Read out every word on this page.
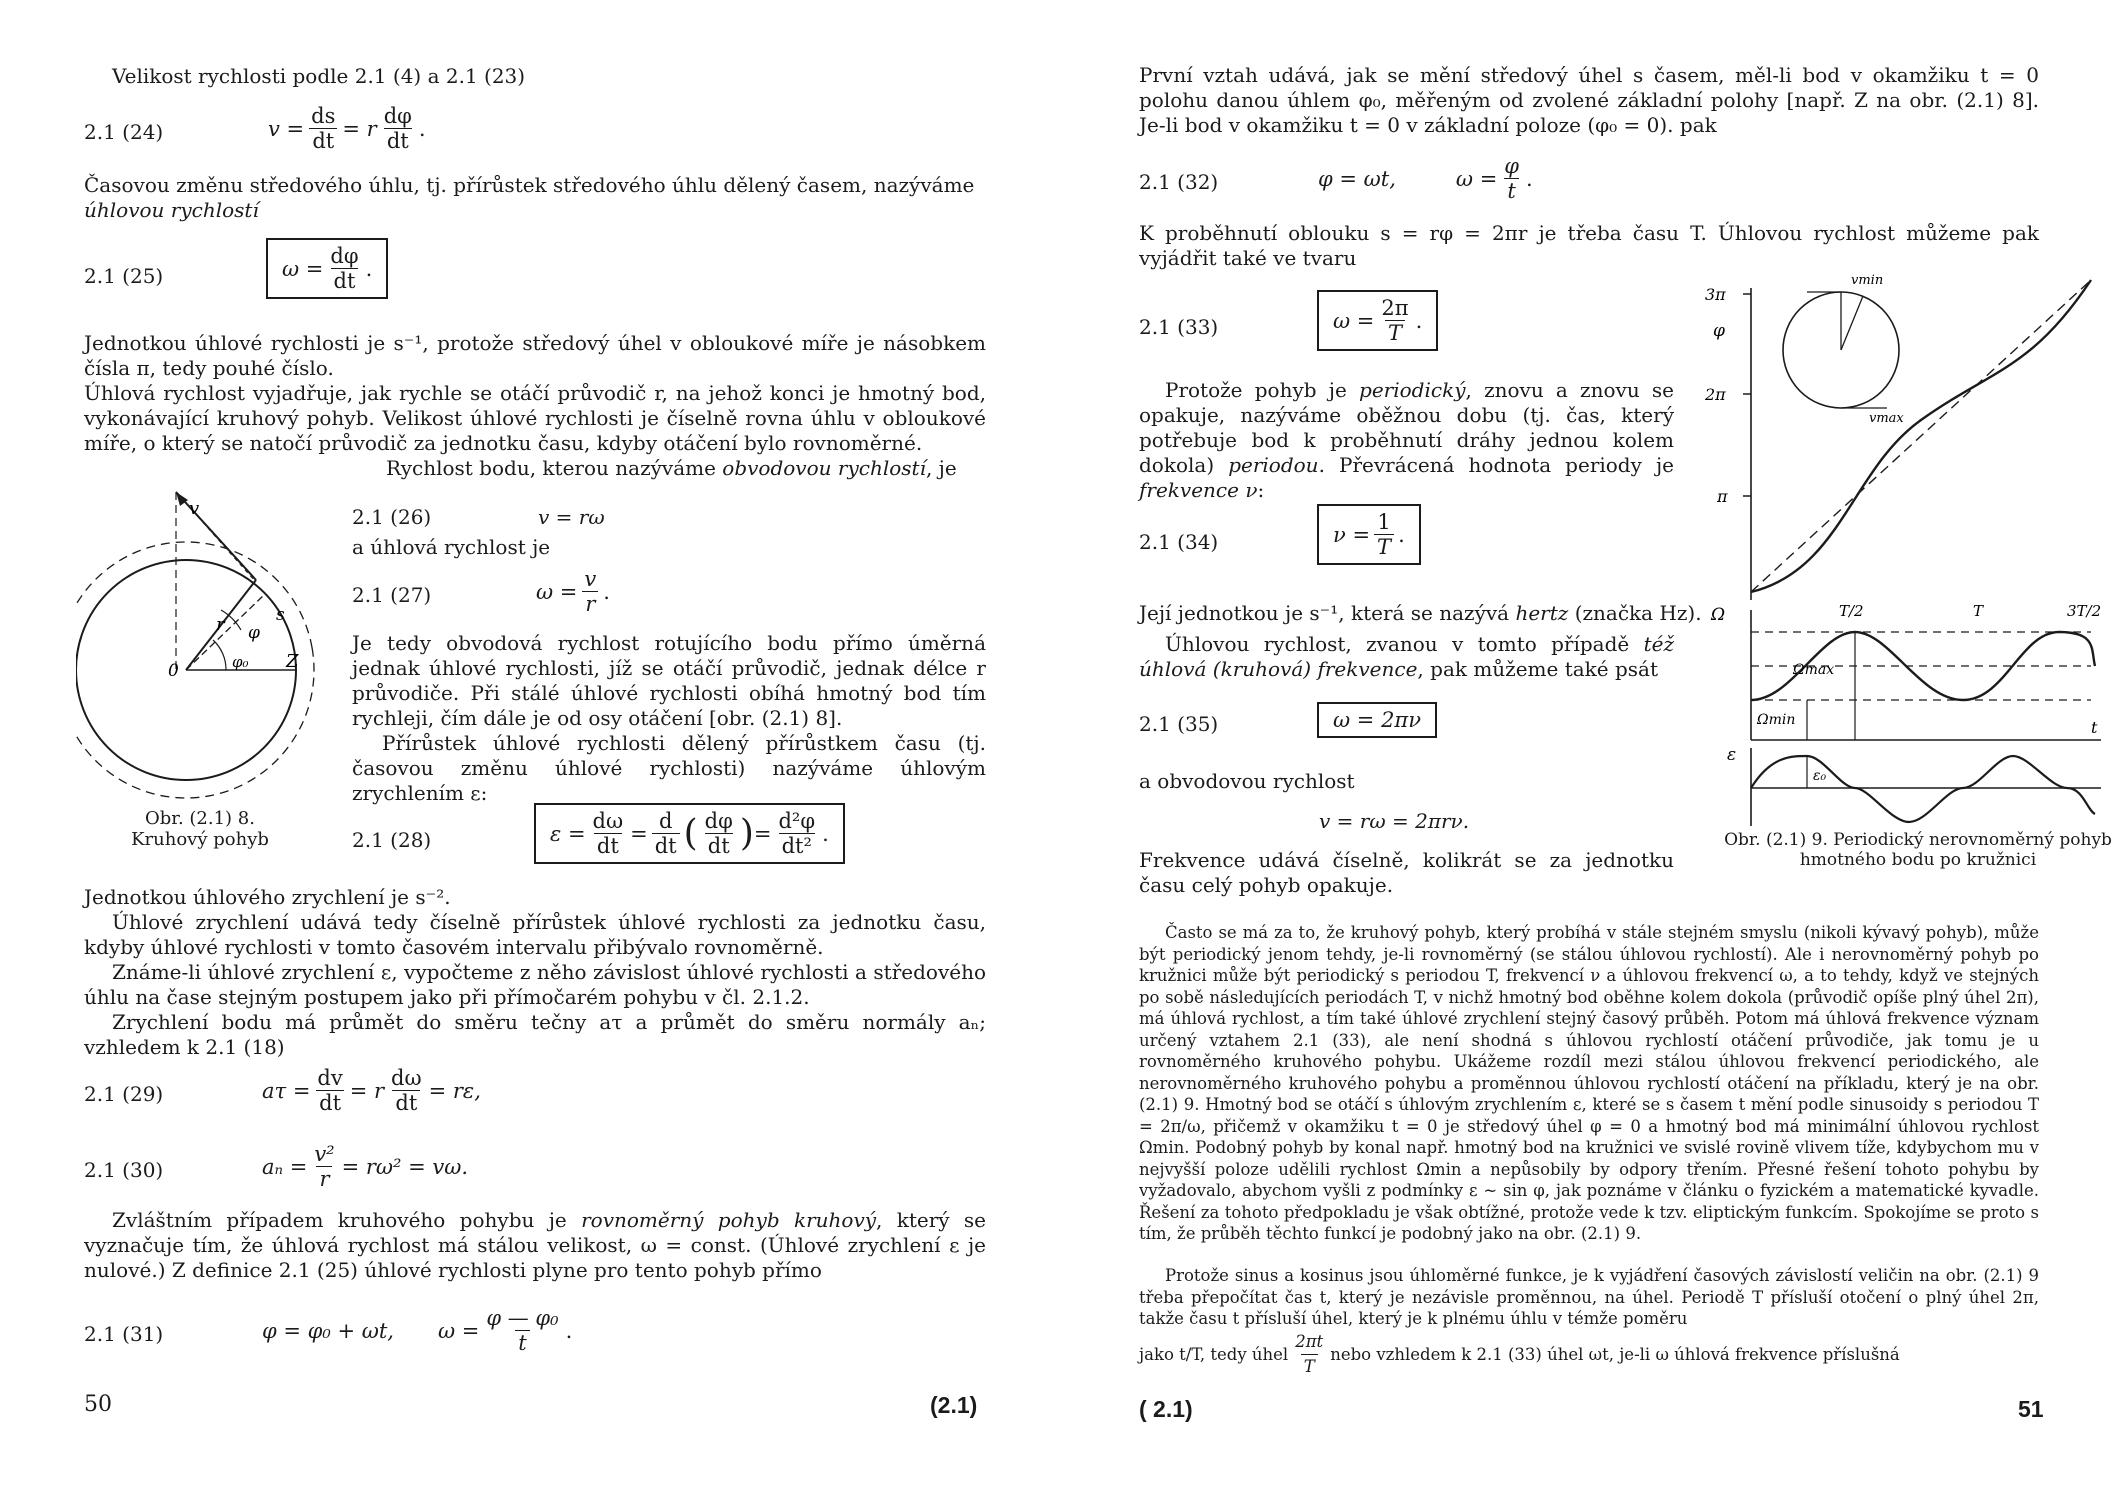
Velikost rychlosti podle 2.1 (4) a 2.1 (23)
2.1 (24)	$v = \frac{ds}{dt} = r \frac{d\varphi}{dt}$ .
Časovou změnu středového úhlu, tj. přírůstek středového úhlu dělený časem, nazýváme
úhlovou rychlostí
2.1 (25)	$\omega = \frac{d\varphi}{dt}$ .
Jednotkou úhlové rychlosti je s⁻¹, protože středový úhel v obloukové míře je násobkem čísla π, tedy pouhé číslo.
Úhlová rychlost vyjadřuje, jak rychle se otáčí průvodič r, na jehož konci je hmotný bod, vykonávající kruhový pohyb. Velikost úhlové rychlosti je číselně rovna úhlu v obloukové míře, o který se natočí průvodič za jednotku času, kdyby otáčení bylo rovnoměrné.
Rychlost bodu, kterou nazýváme obvodovou rychlostí, je
2.1 (26)	v = rω
a úhlová rychlost je
2.1 (27)	$\omega = \frac{v}{r}$ .
Je tedy obvodová rychlost rotujícího bodu přímo úměrná jednak úhlové rychlosti, jíž se otáčí průvodič, jednak délce r průvodiče. Při stálé úhlové rychlosti obíhá hmotný bod tím rychleji, čím dále je od osy otáčení [obr. (2.1) 8].
Přírůstek úhlové rychlosti dělený přírůstkem času (tj. časovou změnu úhlové rychlosti) nazýváme úhlovým zrychlením ε:
v
r φ
s
φ₀ Z
0
Obr. (2.1) 8.
Kruhový pohyb	2.1 (28)	$\varepsilon = \frac{d\omega}{dt} = \frac{d}{dt}$ ( $\frac{d\varphi}{dt}$ ) = $\frac{\text{d²φ}}{\text{dt²}}$ .
Jednotkou úhlového zrychlení je s⁻².
Úhlové zrychlení udává tedy číselně přírůstek úhlové rychlosti za jednotku času, kdyby úhlové rychlosti v tomto časovém intervalu přibývalo rovnoměrně.
Známe-li úhlové zrychlení ε, vypočteme z něho závislost úhlové rychlosti a středového úhlu na čase stejným postupem jako při přímočarém pohybu v čl. 2.1.2.
Zrychlení bodu má průmět do směru tečny aτ a průmět do směru normály aₙ; vzhledem k 2.1 (18)
2.1 (29)	$a\tau = \frac{dv}{dt} = r \frac{d\omega}{dt} = r\varepsilon$,
2.1 (30)	$a_n = \frac{\text{v²}}{r} = r\omega^2 = v\omega$.
Zvláštním případem kruhového pohybu je rovnoměrný pohyb kruhový, který se vyznačuje tím, že úhlová rychlost má stálou velikost, ω = const. (Úhlové zrychlení ε je nulové.) Z definice 2.1 (25) úhlové rychlosti plyne pro tento pohyb přímo
2.1 (31)	φ = φ₀ + ωt, $\omega = \frac{\text{φ — φ₀}}{t}$ .
50	(2.1)
První vztah udává, jak se mění středový úhel s časem, měl-li bod v okamžiku t = 0 polohu danou úhlem φ₀, měřeným od zvolené základní polohy [např. Z na obr. (2.1) 8]. Je-li bod v okamžiku t = 0 v základní poloze (φ₀ = 0). pak
2.1 (32)	φ = ωt,	$\omega = \frac{\varphi}{t}$ .
K proběhnutí oblouku s = rφ = 2πr je třeba času T. Úhlovou rychlost můžeme pak vyjádřit také ve tvaru
2.1 (33)	$\omega = \frac{2\pi}{T}$ .
Protože pohyb je periodický, znovu a znovu se opakuje, nazýváme oběžnou dobu (tj. čas, který potřebuje bod k proběhnutí dráhy jednou kolem dokola) periodou. Převrácená hodnota periody je frekvence ν:
2.1 (34)	$\nu = \frac{1}{T}$ .
Její jednotkou je s⁻¹, která se nazývá hertz (značka Hz).
Úhlovou rychlost, zvanou v tomto případě též úhlová (kruhová) frekvence, pak můžeme také psát
2.1 (35)	ω = 2πν
a obvodovou rychlost
v = rω = 2πrν.
Frekvence udává číselně, kolikrát se za jednotku času celý pohyb opakuje.
3π
φ
2π
π
vmin
vmax
Ω	T/2	T	3T/2
Ωmax
Ωmin	t
ε
ε₀
Obr. (2.1) 9. Periodický nerovnoměrný pohyb hmotného bodu po kružnici
Často se má za to, že kruhový pohyb, který probíhá v stále stejném smyslu (nikoli kývavý pohyb), může být periodický jenom tehdy, je-li rovnoměrný (se stálou úhlovou rychlostí). Ale i nerovnoměrný pohyb po kružnici může být periodický s periodou T, frekvencí ν a úhlovou frekvencí ω, a to tehdy, když ve stejných po sobě následujících periodách T, v nichž hmotný bod oběhne kolem dokola (průvodič opíše plný úhel 2π), má úhlová rychlost, a tím také úhlové zrychlení stejný časový průběh. Potom má úhlová frekvence význam určený vztahem 2.1 (33), ale není shodná s úhlovou rychlostí otáčení průvodiče, jak tomu je u rovnoměrného kruhového pohybu. Ukážeme rozdíl mezi stálou úhlovou frekvencí periodického, ale nerovnoměrného kruhového pohybu a proměnnou úhlovou rychlostí otáčení na příkladu, který je na obr. (2.1) 9. Hmotný bod se otáčí s úhlovým zrychlením ε, které se s časem t mění podle sinusoidy s periodou T = 2π/ω, přičemž v okamžiku t = 0 je středový úhel φ = 0 a hmotný bod má minimální úhlovou rychlost Ωmin. Podobný pohyb by konal např. hmotný bod na kružnici ve svislé rovině vlivem tíže, kdybychom mu v nejvyšší poloze udělili rychlost Ωmin a nepůsobily by odpory třením. Přesné řešení tohoto pohybu by vyžadovalo, abychom vyšli z podmínky ε ~ sin φ, jak poznáme v článku o fyzickém a matematické kyvadle. Řešení za tohoto předpokladu je však obtížné, protože vede k tzv. eliptickým funkcím. Spokojíme se proto s tím, že průběh těchto funkcí je podobný jako na obr. (2.1) 9.
Protože sinus a kosinus jsou úhloměrné funkce, je k vyjádření časových závislostí veličin na obr. (2.1) 9 třeba přepočítat čas t, který je nezávisle proměnnou, na úhel. Periodě T přísluší otočení o plný úhel 2π, takže času t přísluší úhel, který je k plnému úhlu v témže poměru
jako t/T, tedy úhel $\frac{2\pi t}{T}$ nebo vzhledem k 2.1 (33) úhel ωt, je-li ω úhlová frekvence příslušná
( 2.1)	51
